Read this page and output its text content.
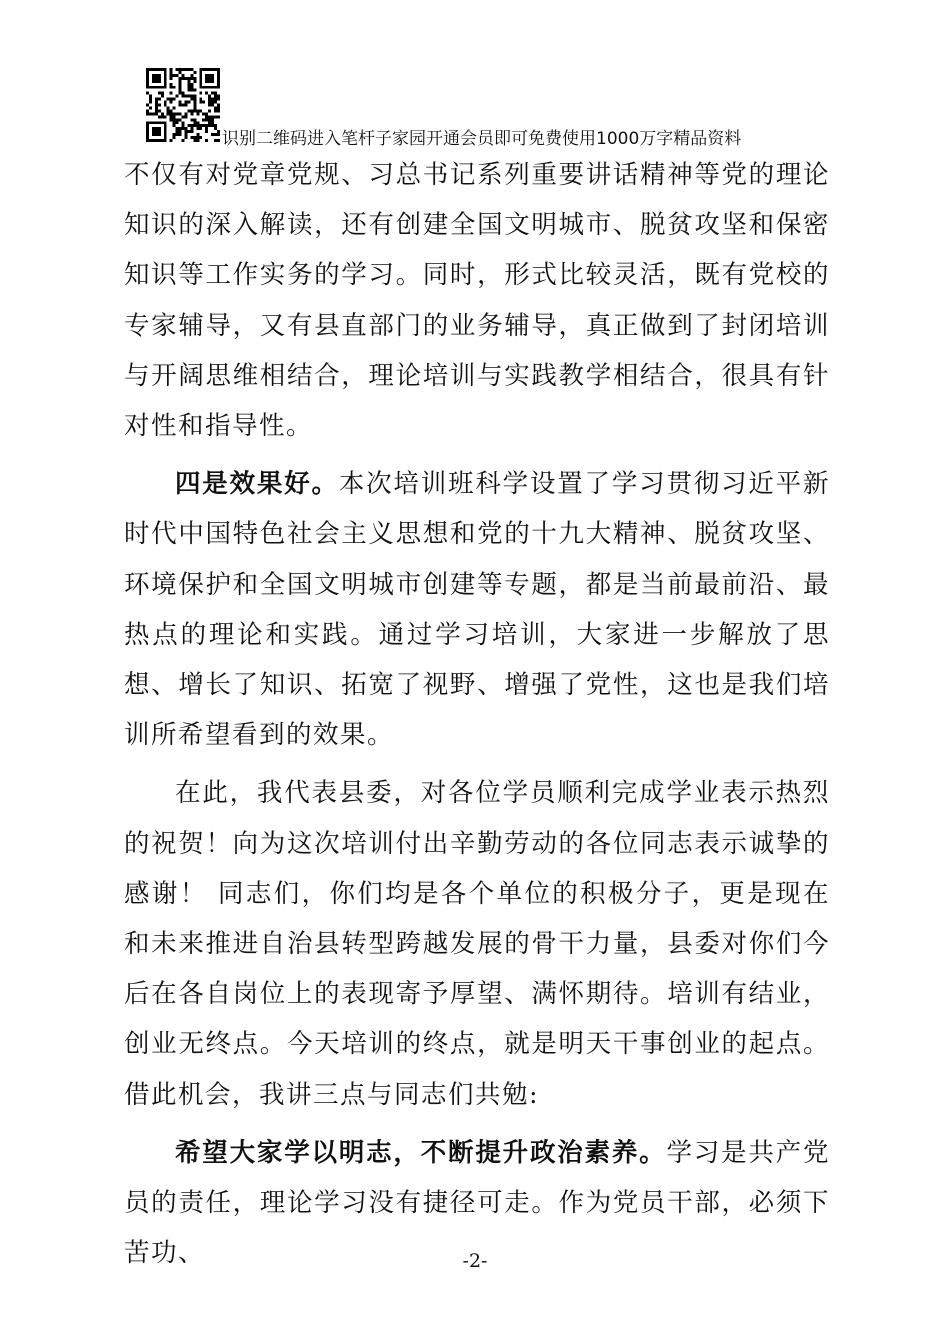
识别二维码进入笔杆子家园开通会员即可免费使用1000万字精品资料

不仅有对党章党规、习总书记系列重要讲话精神等党的理论知识的深入解读，还有创建全国文明城市、脱贫攻坚和保密知识等工作实务的学习。同时，形式比较灵活，既有党校的专家辅导，又有县直部门的业务辅导，真正做到了封闭培训与开阔思维相结合，理论培训与实践教学相结合，很具有针对性和指导性。

四是效果好。本次培训班科学设置了学习贯彻习近平新时代中国特色社会主义思想和党的十九大精神、脱贫攻坚、环境保护和全国文明城市创建等专题，都是当前最前沿、最热点的理论和实践。通过学习培训，大家进一步解放了思想、增长了知识、拓宽了视野、增强了党性，这也是我们培训所希望看到的效果。

在此，我代表县委，对各位学员顺利完成学业表示热烈的祝贺！向为这次培训付出辛勤劳动的各位同志表示诚挚的感谢！ 同志们，你们均是各个单位的积极分子，更是现在和未来推进自治县转型跨越发展的骨干力量，县委对你们今后在各自岗位上的表现寄予厚望、满怀期待。培训有结业，创业无终点。今天培训的终点，就是明天干事创业的起点。借此机会，我讲三点与同志们共勉:

希望大家学以明志，不断提升政治素养。学习是共产党员的责任，理论学习没有捷径可走。作为党员干部，必须下苦功、	-2-
